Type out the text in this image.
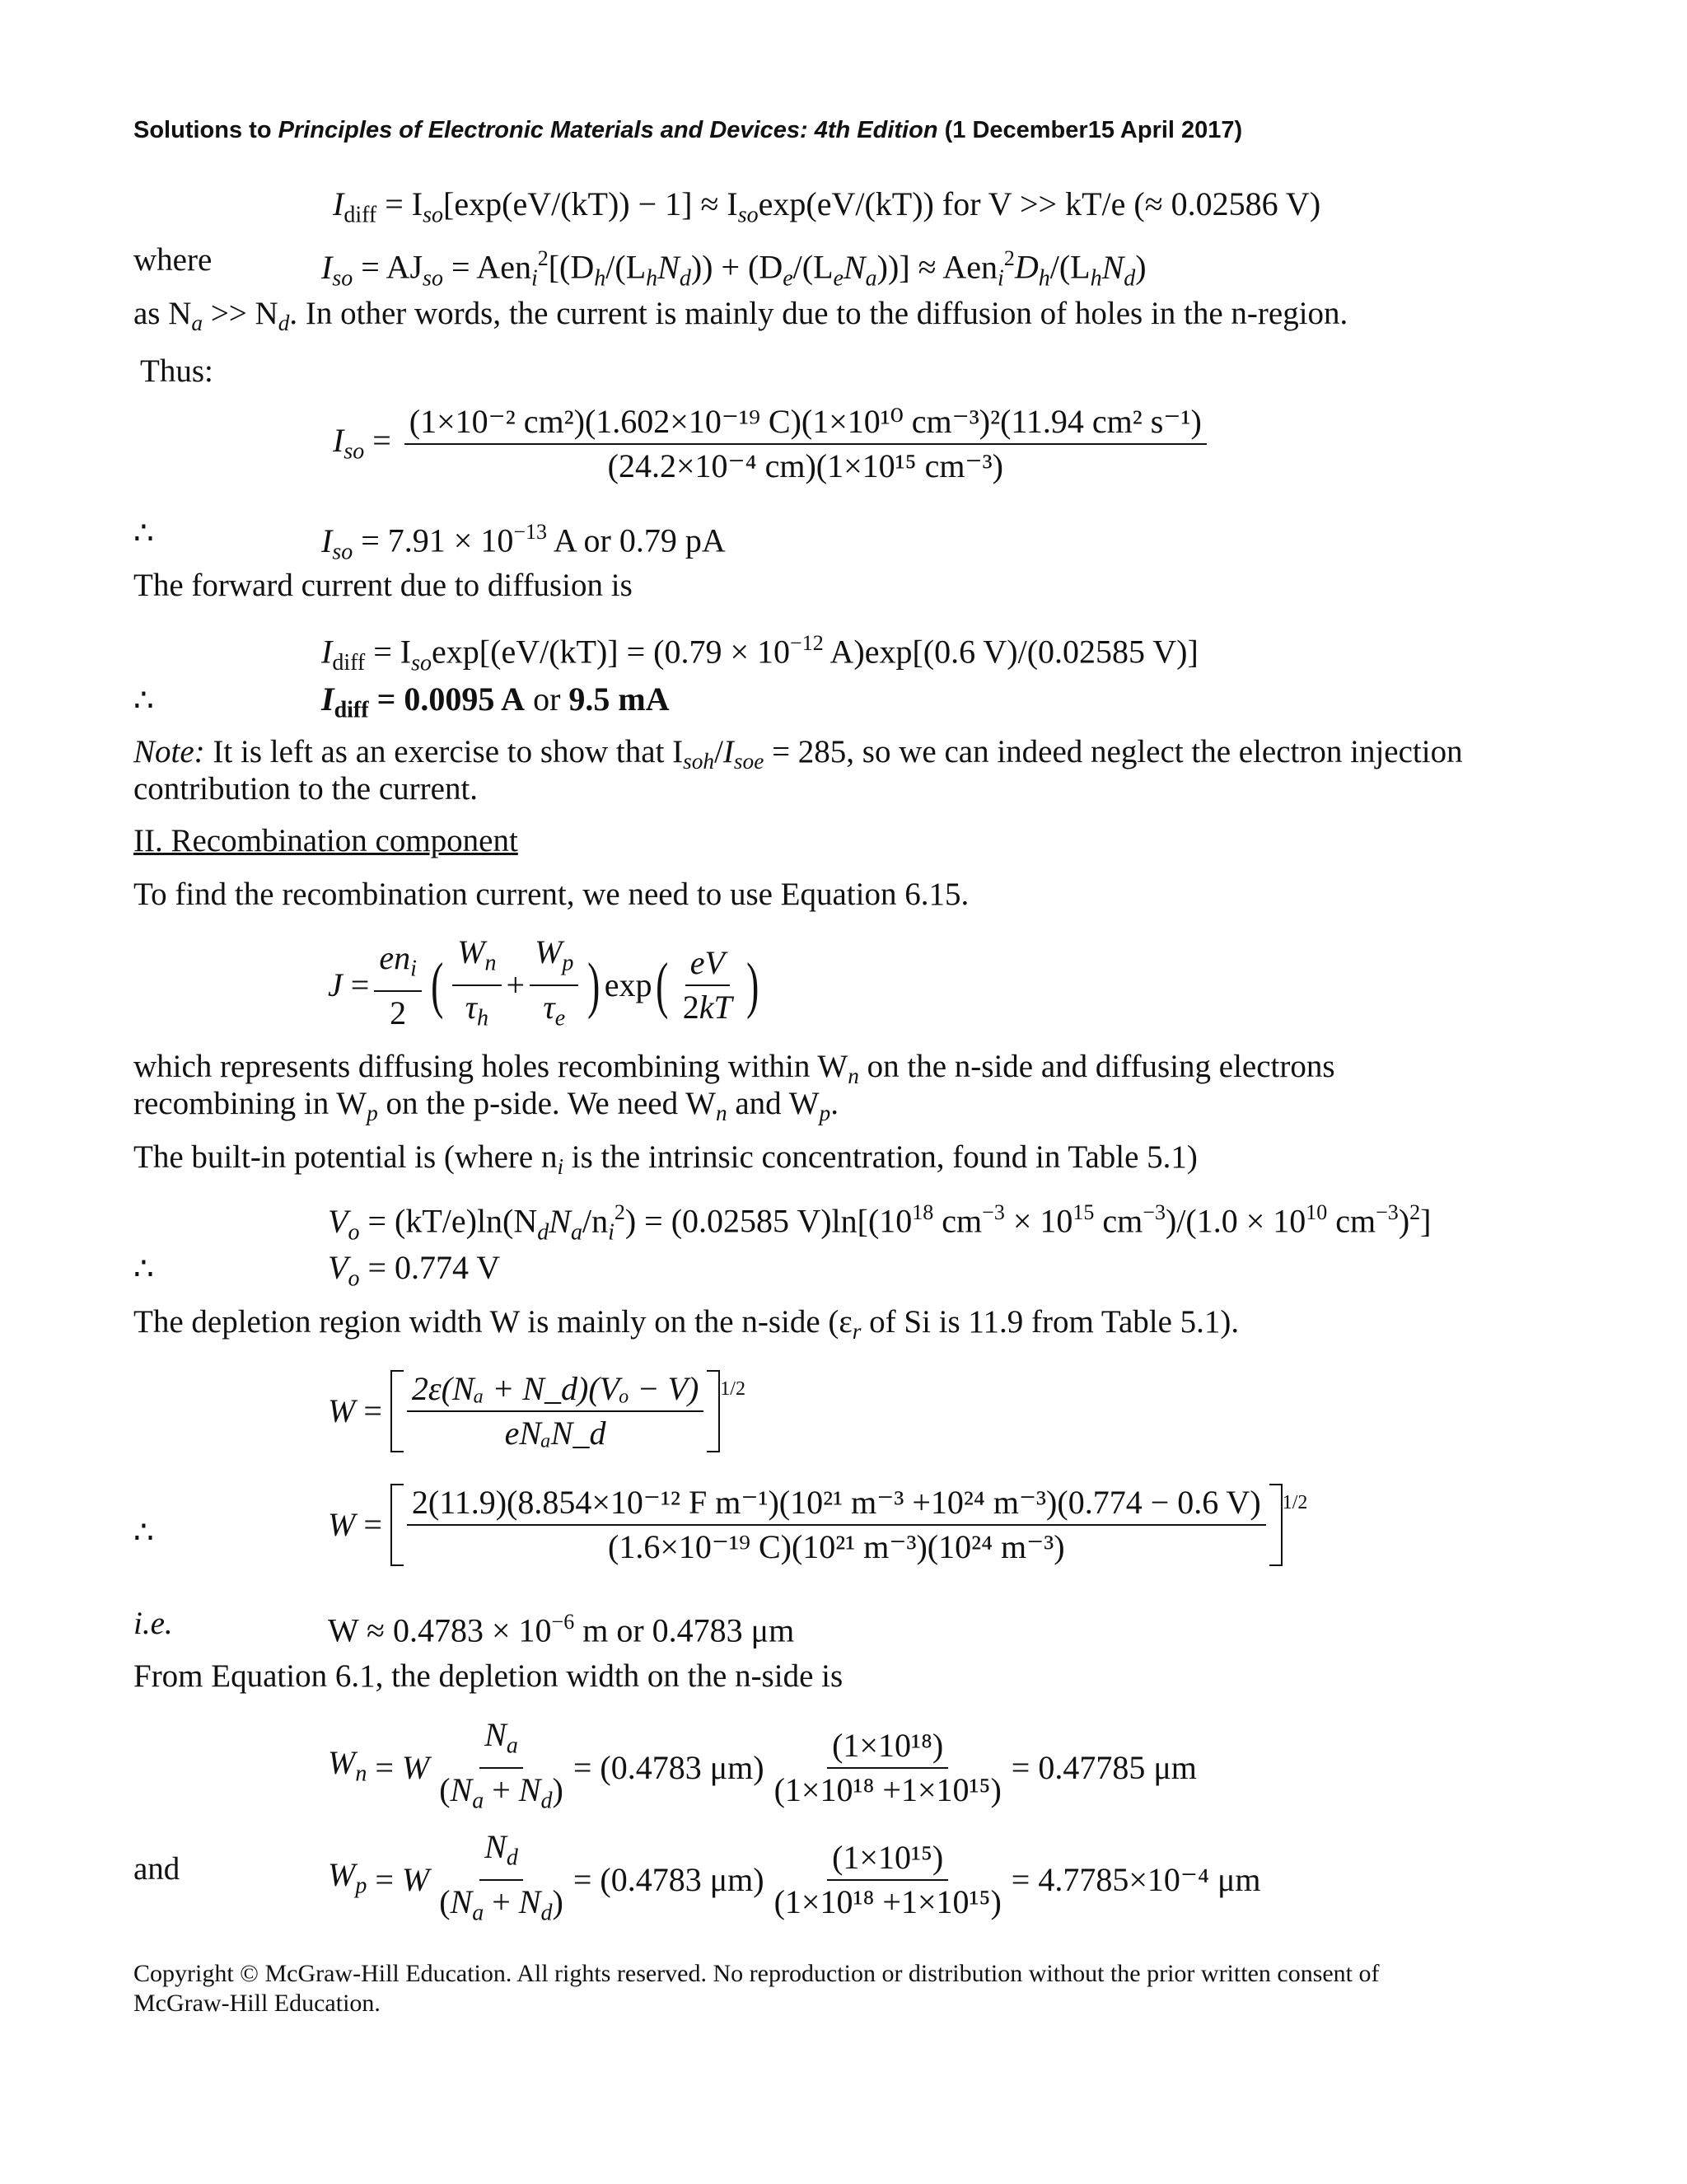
Solutions to Principles of Electronic Materials and Devices: 4th Edition (1 December15 April 2017)
$I_{diff} = I_{so}[\exp(eV/(kT)) - 1] \approx I_{so}\exp(eV/(kT))$ for V >> kT/e (≈ 0.02586 V)
where	$I_{so} = AJ_{so} = Aen_i^2[(D_h/(L_hN_d)) + (D_e/(L_eN_a))] \approx Aen_i^2D_h/(L_hN_d)$
as $N_a >> N_d$. In other words, the current is mainly due to the diffusion of holes in the n-region.
Thus:
$I_{so} = \frac{\text{(1×10⁻² cm²)(1.602×10⁻¹⁹ C)(1×10¹⁰ cm⁻³)²(11.94 cm² s⁻¹)}}{\text{(24.2×10⁻⁴ cm)(1×10¹⁵ cm⁻³)}}$
∴	$I_{so} = 7.91 \times 10^{-13}$ A or 0.79 pA
The forward current due to diffusion is
$I_{diff} = I_{so}\exp[(eV/(kT)] = (0.79 \times 10^{-12}$ A)exp[(0.6 V)/(0.02585 V)]
∴	$I_{diff} = 0.0095$ A or 9.5 mA
Note: It is left as an exercise to show that $I_{soh}/I_{soe} = 285$, so we can indeed neglect the electron injection
contribution to the current.
II. Recombination component
To find the recombination current, we need to use Equation 6.15.
$J = \frac{en_i}{2}$ ( $\frac{W_n}{\tau_h} + \frac{W_p}{\tau_e}$ ) exp ( $\frac{eV}{2kT}$ )
which represents diffusing holes recombining within $W_n$ on the n-side and diffusing electrons
recombining in $W_p$ on the p-side. We need $W_n$ and $W_p$.
The built-in potential is (where $n_i$ is the intrinsic concentration, found in Table 5.1)
$V_o = (kT/e)\ln(N_dN_a/n_i^2) = (0.02585$ $V)\ln[(10^{18}$ $cm^{-3} \times 10^{15}$ $cm^{-3})/(1.0 \times 10^{10}$ $cm^{-3})^2$]
∴	$V_o = 0.774$ V
The depletion region width W is mainly on the n-side ($\varepsilon_r$ of Si is 11.9 from Table 5.1).
$W = \frac{\text{2ε(Nₐ + N\_d)(Vₒ − V)}}{\text{eNₐN\_d}} ^{1/2}$
∴	W =
2(11.9)(8.854×10⁻¹² F m⁻¹)(10²¹ m⁻³ +10²⁴ m⁻³)(0.774 − 0.6 V)
(1.6×10⁻¹⁹ C)(10²¹ m⁻³)(10²⁴ m⁻³)
$^{1/2}$
i.e.	$W \approx 0.4783 \times 10^{-6}$ m or 0.4783 μm
From Equation 6.1, the depletion width on the n-side is
$W_n = W \frac{N_a}{(N_a + N_d)} = (0.4783$ $\mu m) \frac{\text{(1×10¹⁸)}}{\text{(1×10¹⁸ +1×10¹⁵)}} = 0.47785$ μm
and	$W_p = W \frac{N_d}{(N_a + N_d)} = (0.4783$ $\mu m) \frac{\text{(1×10¹⁵)}}{\text{(1×10¹⁸ +1×10¹⁵)}} = 4.7785\times 10^{-4}$ μm
Copyright © McGraw-Hill Education. All rights reserved. No reproduction or distribution without the prior written consent of
McGraw-Hill Education.
